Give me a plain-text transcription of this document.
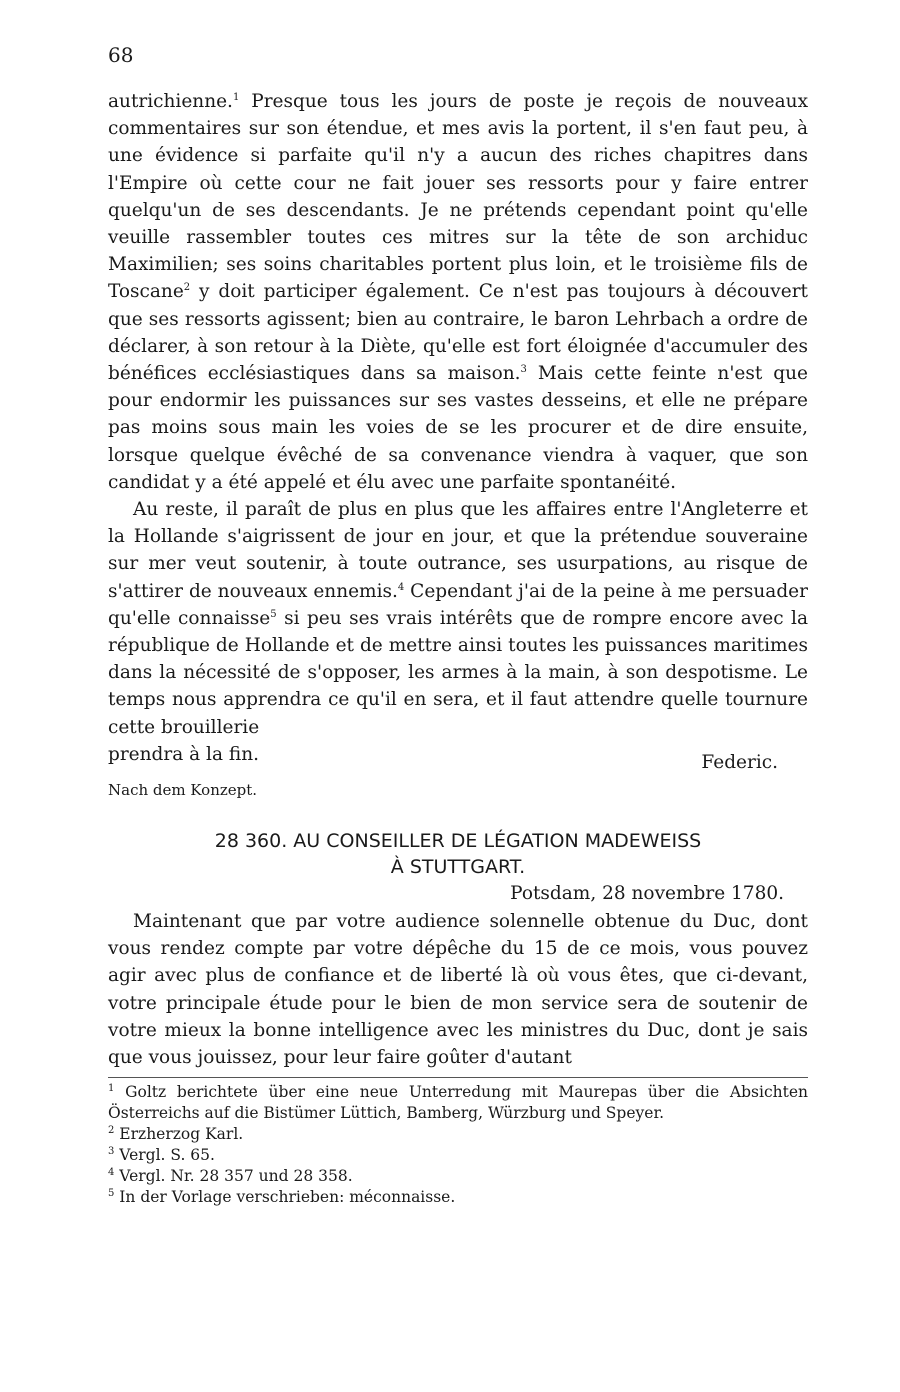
68

autrichienne.$^1$ Presque tous les jours de poste je reçois de nouveaux commentaires sur son étendue, et mes avis la portent, il s'en faut peu, à une évidence si parfaite qu'il n'y a aucun des riches chapitres dans l'Empire où cette cour ne fait jouer ses ressorts pour y faire entrer quelqu'un de ses descendants. Je ne prétends cependant point qu'elle veuille rassembler toutes ces mitres sur la tête de son archiduc Maximilien; ses soins charitables portent plus loin, et le troisième fils de Toscane$^2$ y doit participer également. Ce n'est pas toujours à découvert que ses ressorts agissent; bien au contraire, le baron Lehrbach a ordre de déclarer, à son retour à la Diète, qu'elle est fort éloignée d'accumuler des bénéfices ecclésiastiques dans sa maison.$^3$ Mais cette feinte n'est que pour endormir les puissances sur ses vastes desseins, et elle ne prépare pas moins sous main les voies de se les procurer et de dire ensuite, lorsque quelque évêché de sa convenance viendra à vaquer, que son candidat y a été appelé et élu avec une parfaite spontanéité.

Au reste, il paraît de plus en plus que les affaires entre l'Angleterre et la Hollande s'aigrissent de jour en jour, et que la prétendue souveraine sur mer veut soutenir, à toute outrance, ses usurpations, au risque de s'attirer de nouveaux ennemis.$^4$ Cependant j'ai de la peine à me persuader qu'elle connaisse$^5$ si peu ses vrais intérêts que de rompre encore avec la république de Hollande et de mettre ainsi toutes les puissances maritimes dans la nécessité de s'opposer, les armes à la main, à son despotisme. Le temps nous apprendra ce qu'il en sera, et il faut attendre quelle tournure cette brouillerie

prendra à la fin.	Federic.

Nach dem Konzept.

28 360. AU CONSEILLER DE LÉGATION MADEWEISS
À STUTTGART.
Potsdam, 28 novembre 1780.

Maintenant que par votre audience solennelle obtenue du Duc, dont vous rendez compte par votre dépêche du 15 de ce mois, vous pouvez agir avec plus de confiance et de liberté là où vous êtes, que ci-devant, votre principale étude pour le bien de mon service sera de soutenir de votre mieux la bonne intelligence avec les ministres du Duc, dont je sais que vous jouissez, pour leur faire goûter d'autant

$^1$ Goltz berichtete über eine neue Unterredung mit Maurepas über die Absichten Österreichs auf die Bistümer Lüttich, Bamberg, Würzburg und Speyer.
$^2$ Erzherzog Karl.
$^3$ Vergl. S. 65.
$^4$ Vergl. Nr. 28 357 und 28 358.
$^5$ In der Vorlage verschrieben: méconnaisse.
